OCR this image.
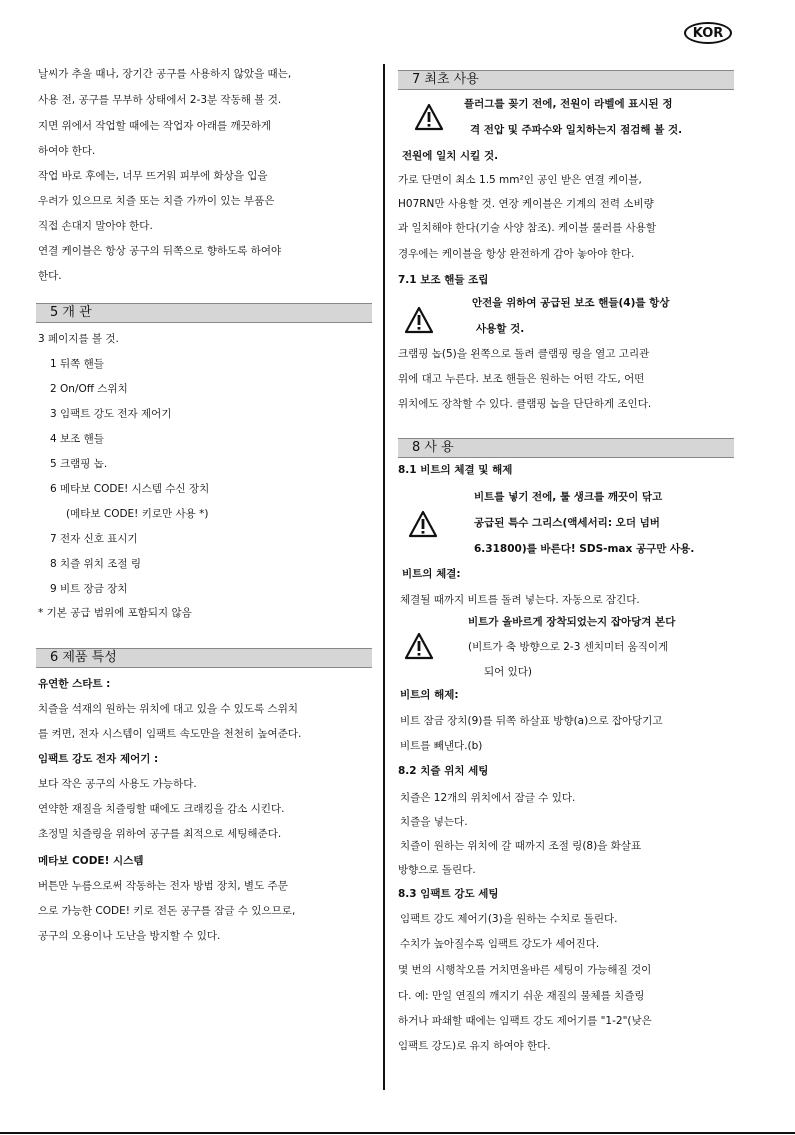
KOR
날씨가 추울 때나, 장기간 공구를 사용하지 않았을 때는,
사용 전, 공구를 무부하 상태에서 2-3분 작동해 볼 것.
지면 위에서 작업할 때에는 작업자 아래를 깨끗하게
하여야 한다.
작업 바로 후에는, 너무 뜨거워 피부에 화상을 입을
우려가 있으므로 치즐 또는 치즐 가까이 있는 부품은
직접 손대지 말아야 한다.
연결 케이블은 항상 공구의 뒤쪽으로 향하도록 하여야
한다.
5 개 관
3 페이지를 볼 것.
1 뒤쪽 핸들
2 On/Off 스위치
3 임팩트 강도 전자 제어기
4 보조 핸들
5 크램핑 놉.
6 메타보 CODE! 시스템 수신 장치
(메타보 CODE! 키로만 사용 *)
7 전자 신호 표시기
8 치즐 위치 조절 링
9 비트 장금 장치
* 기본 공급 범위에 포함되지 않음
6 제품 특성
유연한 스타트 :
치즐을 석재의 원하는 위치에 대고 있을 수 있도록 스위치
를 켜면, 전자 시스템이 임팩트 속도만을 천천히 높여준다.
임팩트 강도 전자 제어기 :
보다 작은 공구의 사용도 가능하다.
연약한 재질을 치즐링할 때에도 크래킹을 감소 시킨다.
초정밀 치즐링을 위하여 공구를 최적으로 세팅해준다.
메타보 CODE! 시스템
버튼만 누름으로써 작동하는 전자 방범 장치, 별도 주문
으로 가능한 CODE! 키로 전돈 공구를 잠글 수 있으므로,
공구의 오용이나 도난을 방지할 수 있다.
7 최초 사용
플러그를 꽂기 전에, 전원이 라벨에 표시된 정
격 전압 및 주파수와 일치하는지 점검해 볼 것.
전원에 일치 시킬 것.
가로 단면이 최소 1.5 mm²인 공인 받은 연결 케이블,
H07RN만 사용할 것. 연장 케이블은 기계의 전력 소비량
과 일치해야 한다(기술 사양 참조). 케이블 룰러를 사용할
경우에는 케이블을 항상 완전하게 감아 놓아야 한다.
7.1 보조 핸들 조립
안전을 위하여 공급된 보조 핸들(4)를 항상
사용할 것.
크램핑 놉(5)을 왼쪽으로 돌려 클램핑 링을 열고 고리관
위에 대고 누른다. 보조 핸들은 원하는 어떤 각도, 어떤
위치에도 장착할 수 있다. 클램핑 놉을 단단하게 조인다.
8 사 용
8.1 비트의 체결 및 해제
비트를 넣기 전에, 툴 생크를 깨끗이 닦고
공급된 특수 그리스(액세서리: 오더 넘버
6.31800)를 바른다! SDS-max 공구만 사용.
비트의 체결:
체결될 때까지 비트를 돌려 넣는다. 자동으로 잠긴다.
비트가 올바르게 장착되었는지 잡아당겨 본다
(비트가 축 방향으로 2-3 센치미터 움직이게
되어 있다)
비트의 해제:
비트 잠금 장치(9)를 뒤쪽 하살표 방향(a)으로 잡아당기고
비트를 빼낸다.(b)
8.2 치즐 위치 세팅
치즐은 12개의 위치에서 잠글 수 있다.
치즐을 넣는다.
치즐이 원하는 위치에 갈 때까지 조절 링(8)을 화살표
방향으로 돌린다.
8.3 임팩트 강도 세팅
임팩트 강도 제어기(3)을 원하는 수치로 돌린다.
수치가 높아질수록 임팩트 강도가 세어진다.
몇 번의 시행착오를 거치면올바른 세팅이 가능해질 것이
다. 예: 만일 연질의 깨지기 쉬운 재질의 물체를 치즐링
하거나 파쇄할 때에는 임팩트 강도 제어기를 "1-2"(낮은
임팩트 강도)로 유지 하여야 한다.
